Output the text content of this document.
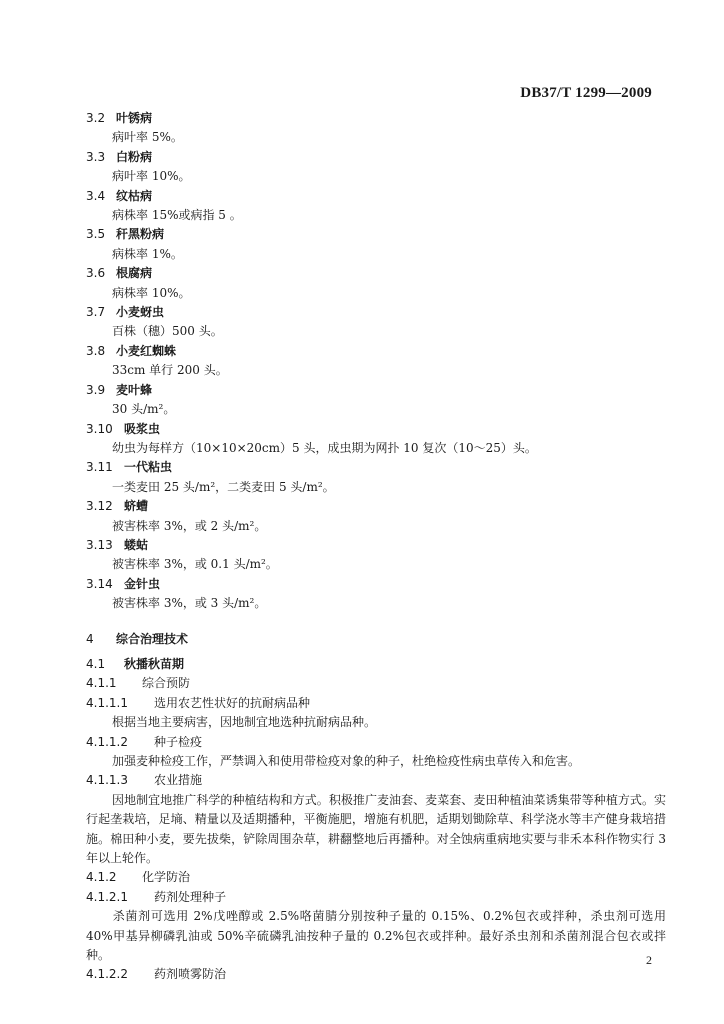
DB37/T 1299—2009
3.2 叶锈病
病叶率 5%。
3.3 白粉病
病叶率 10%。
3.4 纹枯病
病株率 15%或病指 5 。
3.5 秆黑粉病
病株率 1%。
3.6 根腐病
病株率 10%。
3.7 小麦蚜虫
百株（穗）500 头。
3.8 小麦红蜘蛛
33cm 单行 200 头。
3.9 麦叶蜂
30 头/m²。
3.10 吸浆虫
幼虫为每样方（10×10×20cm）5 头，成虫期为网扑 10 复次（10～25）头。
3.11 一代粘虫
一类麦田 25 头/m²，二类麦田 5 头/m²。
3.12 蛴螬
被害株率 3%，或 2 头/m²。
3.13 蝼蛄
被害株率 3%，或 0.1 头/m²。
3.14 金针虫
被害株率 3%，或 3 头/m²。
4 综合治理技术
4.1 秋播秋苗期
4.1.1 综合预防
4.1.1.1 选用农艺性状好的抗耐病品种
根据当地主要病害，因地制宜地选种抗耐病品种。
4.1.1.2 种子检疫
加强麦种检疫工作，严禁调入和使用带检疫对象的种子，杜绝检疫性病虫草传入和危害。
4.1.1.3 农业措施
因地制宜地推广科学的种植结构和方式。积极推广麦油套、麦菜套、麦田种植油菜诱集带等种植方式。实行起垄栽培，足墒、精量以及适期播种，平衡施肥，增施有机肥，适期划锄除草、科学浇水等丰产健身栽培措施。棉田种小麦，要先拔柴，铲除周围杂草，耕翻整地后再播种。对全蚀病重病地实要与非禾本科作物实行 3 年以上轮作。
4.1.2 化学防治
4.1.2.1 药剂处理种子
杀菌剂可选用 2%戊唑醇或 2.5%咯菌腈分别按种子量的 0.15%、0.2%包衣或拌种，杀虫剂可选用 40%甲基异柳磷乳油或 50%辛硫磷乳油按种子量的 0.2%包衣或拌种。最好杀虫剂和杀菌剂混合包衣或拌种。
4.1.2.2 药剂喷雾防治
2
